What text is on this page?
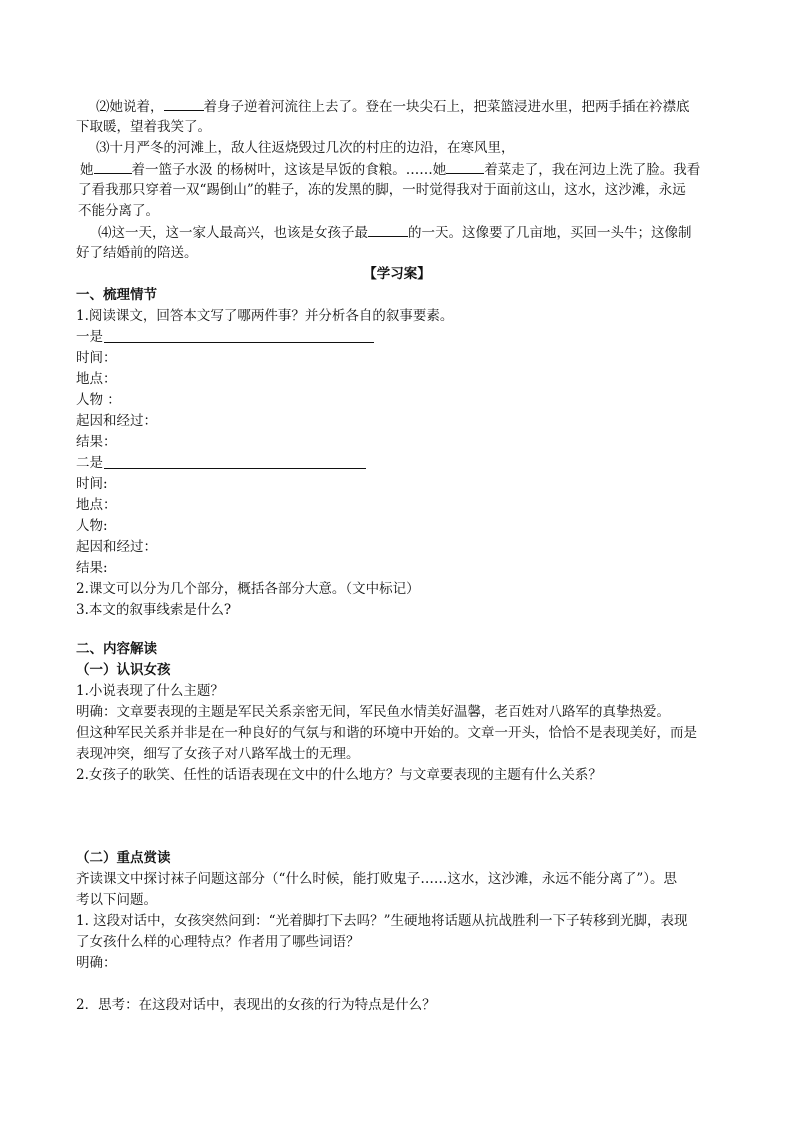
⑵她说着，	着身子逆着河流往上去了。登在一块尖石上，把菜篮浸进水里，把两手插在衿襟底
下取暖，望着我笑了。
⑶十月严冬的河滩上，敌人往返烧毁过几次的村庄的边沿，在寒风里，
她	着一篮子水汲 的杨树叶，这该是早饭的食粮。……她	着菜走了，我在河边上洗了脸。我看
了看我那只穿着一双“踢倒山”的鞋子，冻的发黑的脚，一时觉得我对于面前这山，这水，这沙滩，永远
不能分离了。
⑷这一天，这一家人最高兴，也该是女孩子最	的一天。这像要了几亩地，买回一头牛；这像制
好了结婚前的陪送。
【学习案】
一、梳理情节
1.阅读课文，回答本文写了哪两件事？并分析各自的叙事要素。
一是
时间：
地点：
人物 ：
起因和经过：
结果：
二是
时间:
地点：
人物:
起因和经过：
结果:
2.课文可以分为几个部分，概括各部分大意。（文中标记）
3.本文的叙事线索是什么?
二、内容解读
（一）认识女孩
1.小说表现了什么主题？
明确：文章要表现的主题是军民关系亲密无间，军民鱼水情美好温馨，老百姓对八路军的真挚热爱。
但这种军民关系并非是在一种良好的气氛与和谐的环境中开始的。文章一开头，恰恰不是表现美好，而是
表现冲突，细写了女孩子对八路军战士的无理。
2.女孩子的耿笑、任性的话语表现在文中的什么地方？与文章要表现的主题有什么关系？
（二）重点赏读
齐读课文中探讨袜子问题这部分（“什么时候，能打败鬼子……这水，这沙滩，永远不能分离了”）。思
考以下问题。
1. 这段对话中，女孩突然问到：“光着脚打下去吗？”生硬地将话题从抗战胜利一下子转移到光脚，表现
了女孩什么样的心理特点？作者用了哪些词语？
明确：
2．思考：在这段对话中，表现出的女孩的行为特点是什么？
